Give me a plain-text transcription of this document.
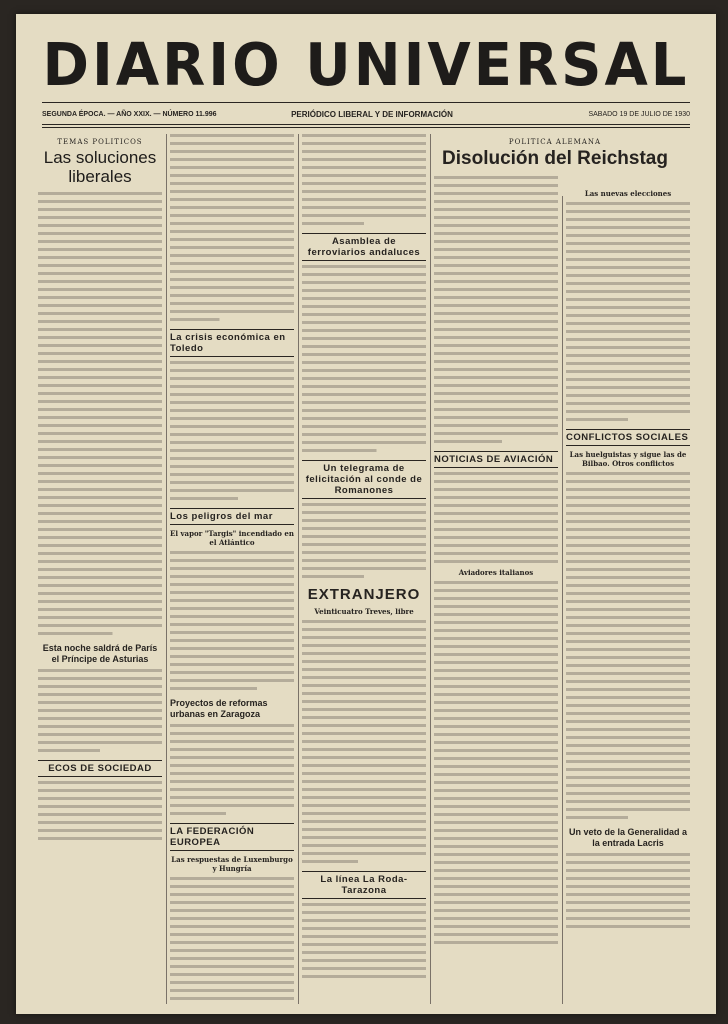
DIARIO UNIVERSAL
SEGUNDA ÉPOCA. — AÑO XXIX. — NÚMERO 11.996	PERIÓDICO LIBERAL Y DE INFORMACIÓN	SABADO 19 DE JULIO DE 1930
TEMAS POLITICOS
Las soluciones liberales
Esta noche saldrá de París el Príncipe de Asturias
ECOS DE SOCIEDAD
La crisis económica en Toledo
Los peligros del mar
El vapor "Targis" incendiado en el Atlántico
Proyectos de reformas urbanas en Zaragoza
LA FEDERACIÓN EUROPEA
Las respuestas de Luxemburgo y Hungría
Asamblea de ferroviarios andaluces
Un telegrama de felicitación al conde de Romanones
EXTRANJERO
Veinticuatro Treves, libre
La línea La Roda-Tarazona
POLITICA ALEMANA
Disolución del Reichstag
NOTICIAS DE AVIACIÓN
Aviadores italianos
Las nuevas elecciones
CONFLICTOS SOCIALES
Las huelguistas y sigue las de Bilbao. Otros conflictos
Un veto de la Generalidad a la entrada Lacris
